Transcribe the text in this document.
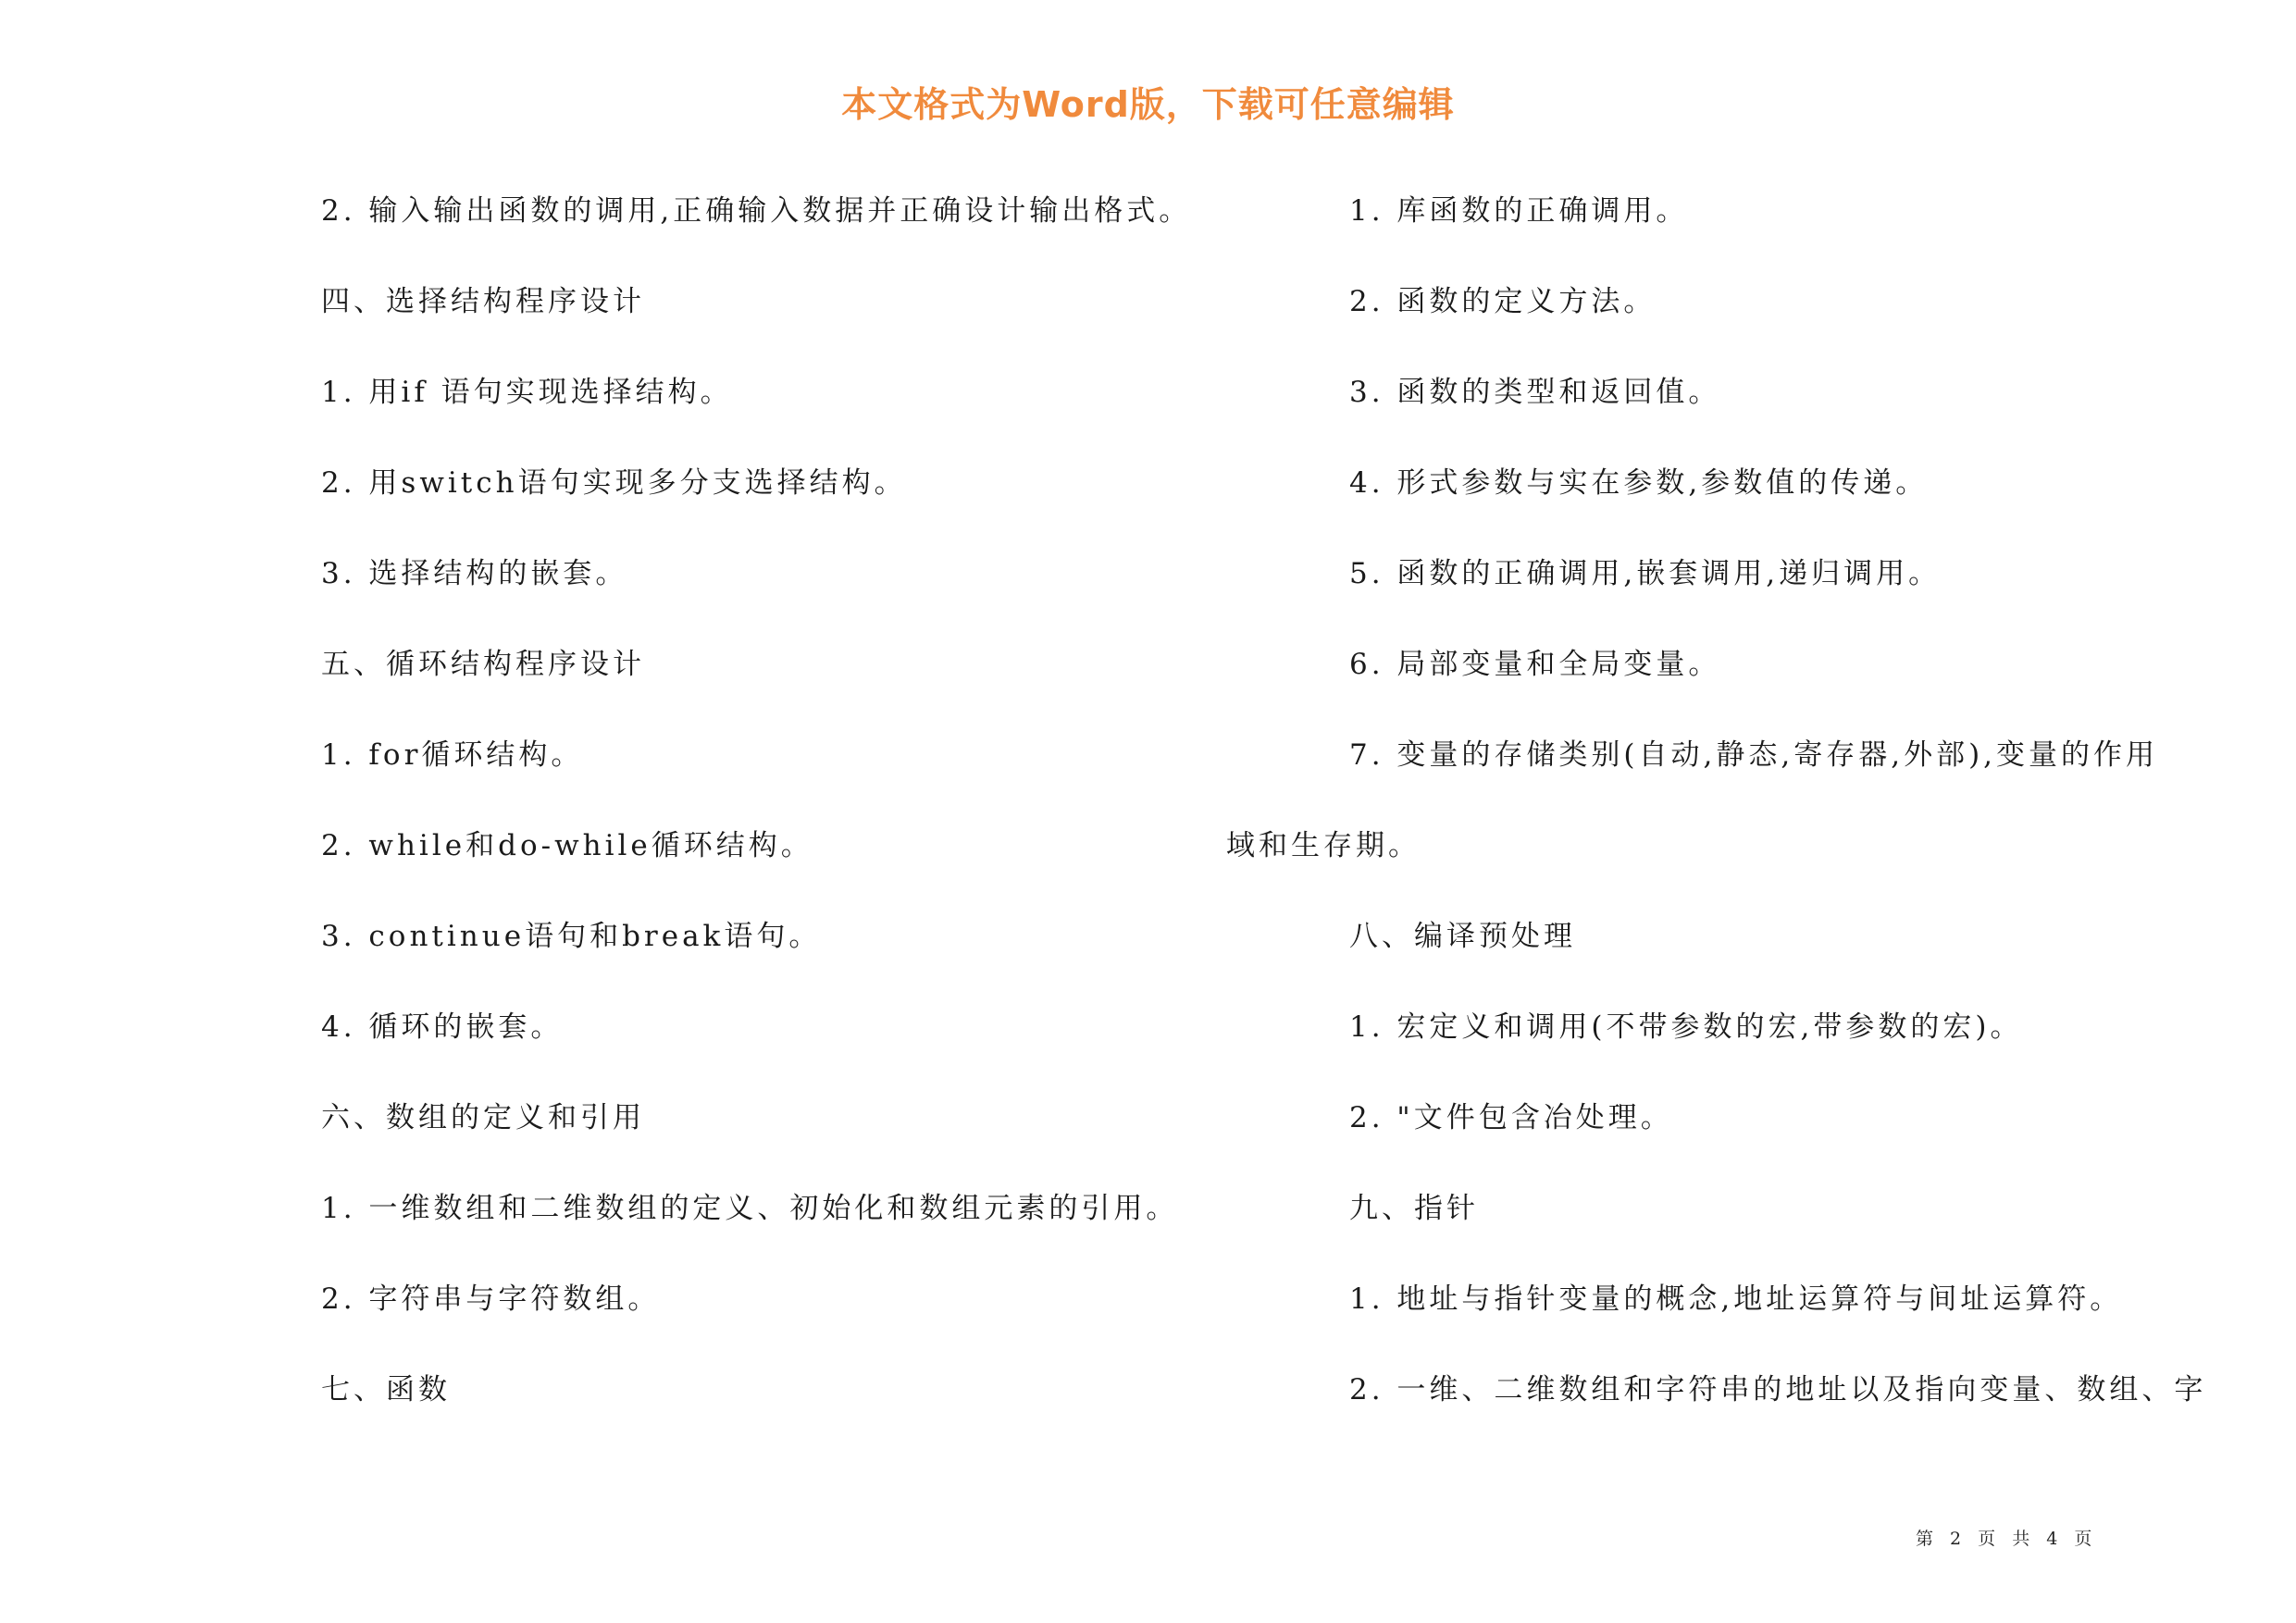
本文格式为Word版，下载可任意编辑
2. 输入输出函数的调用,正确输入数据并正确设计输出格式。
四、选择结构程序设计
1. 用if 语句实现选择结构。
2. 用switch语句实现多分支选择结构。
3. 选择结构的嵌套。
五、循环结构程序设计
1. for循环结构。
2. while和do-while循环结构。
3. continue语句和break语句。
4. 循环的嵌套。
六、数组的定义和引用
1. 一维数组和二维数组的定义、初始化和数组元素的引用。
2. 字符串与字符数组。
七、函数
1. 库函数的正确调用。
2. 函数的定义方法。
3. 函数的类型和返回值。
4. 形式参数与实在参数,参数值的传递。
5. 函数的正确调用,嵌套调用,递归调用。
6. 局部变量和全局变量。
7. 变量的存储类别(自动,静态,寄存器,外部),变量的作用
域和生存期。
八、编译预处理
1. 宏定义和调用(不带参数的宏,带参数的宏)。
2. "文件包含冶处理。
九、指针
1. 地址与指针变量的概念,地址运算符与间址运算符。
2. 一维、二维数组和字符串的地址以及指向变量、数组、字
第 2 页 共 4 页
